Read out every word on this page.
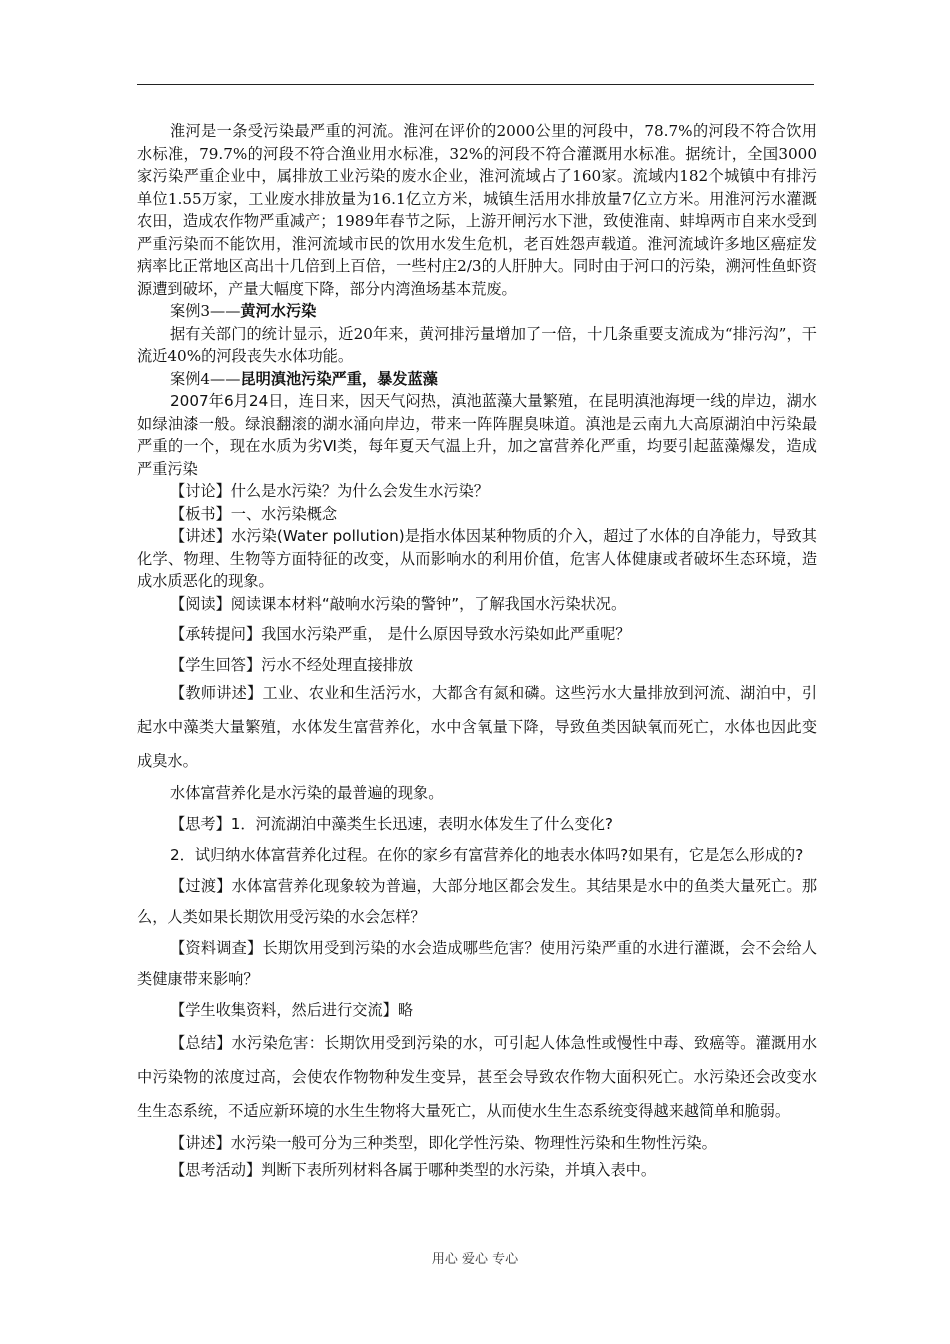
淮河是一条受污染最严重的河流。淮河在评价的2000公里的河段中，78.7%的河段不符合饮用水标准，79.7%的河段不符合渔业用水标准，32%的河段不符合灌溉用水标准。据统计，全国3000家污染严重企业中，属排放工业污染的废水企业，淮河流域占了160家。流域内182个城镇中有排污单位1.55万家，工业废水排放量为16.1亿立方米，城镇生活用水排放量7亿立方米。用淮河污水灌溉农田，造成农作物严重减产；1989年春节之际，上游开闸污水下泄，致使淮南、蚌埠两市自来水受到严重污染而不能饮用，淮河流域市民的饮用水发生危机，老百姓怨声载道。淮河流域许多地区癌症发病率比正常地区高出十几倍到上百倍，一些村庄2/3的人肝肿大。同时由于河口的污染，溯河性鱼虾资源遭到破坏，产量大幅度下降，部分内湾渔场基本荒废。

案例3——黄河水污染

据有关部门的统计显示，近20年来，黄河排污量增加了一倍，十几条重要支流成为“排污沟”，干流近40%的河段丧失水体功能。

案例4——昆明滇池污染严重，暴发蓝藻

2007年6月24日，连日来，因天气闷热，滇池蓝藻大量繁殖，在昆明滇池海埂一线的岸边，湖水如绿油漆一般。绿浪翻滚的湖水涌向岸边，带来一阵阵腥臭味道。滇池是云南九大高原湖泊中污染最严重的一个，现在水质为劣Ⅵ类，每年夏天气温上升，加之富营养化严重，均要引起蓝藻爆发，造成严重污染

【讨论】什么是水污染？为什么会发生水污染？

【板书】一、水污染概念

【讲述】水污染(Water pollution)是指水体因某种物质的介入，超过了水体的自净能力，导致其化学、物理、生物等方面特征的改变，从而影响水的利用价值，危害人体健康或者破坏生态环境，造成水质恶化的现象。

【阅读】阅读课本材料“敲响水污染的警钟”，了解我国水污染状况。

【承转提问】我国水污染严重， 是什么原因导致水污染如此严重呢？

【学生回答】污水不经处理直接排放

【教师讲述】工业、农业和生活污水，大都含有氮和磷。这些污水大量排放到河流、湖泊中，引起水中藻类大量繁殖，水体发生富营养化，水中含氧量下降，导致鱼类因缺氧而死亡，水体也因此变成臭水。

水体富营养化是水污染的最普遍的现象。

【思考】1．河流湖泊中藻类生长迅速，表明水体发生了什么变化?

2．试归纳水体富营养化过程。在你的家乡有富营养化的地表水体吗?如果有，它是怎么形成的?

【过渡】水体富营养化现象较为普遍，大部分地区都会发生。其结果是水中的鱼类大量死亡。那么，人类如果长期饮用受污染的水会怎样？

【资料调查】长期饮用受到污染的水会造成哪些危害？使用污染严重的水进行灌溉，会不会给人类健康带来影响？

【学生收集资料，然后进行交流】略

【总结】水污染危害：长期饮用受到污染的水，可引起人体急性或慢性中毒、致癌等。灌溉用水中污染物的浓度过高，会使农作物物种发生变异，甚至会导致农作物大面积死亡。水污染还会改变水生生态系统，不适应新环境的水生生物将大量死亡，从而使水生生态系统变得越来越简单和脆弱。

【讲述】水污染一般可分为三种类型，即化学性污染、物理性污染和生物性污染。

【思考活动】判断下表所列材料各属于哪种类型的水污染，并填入表中。

用心 爱心 专心
